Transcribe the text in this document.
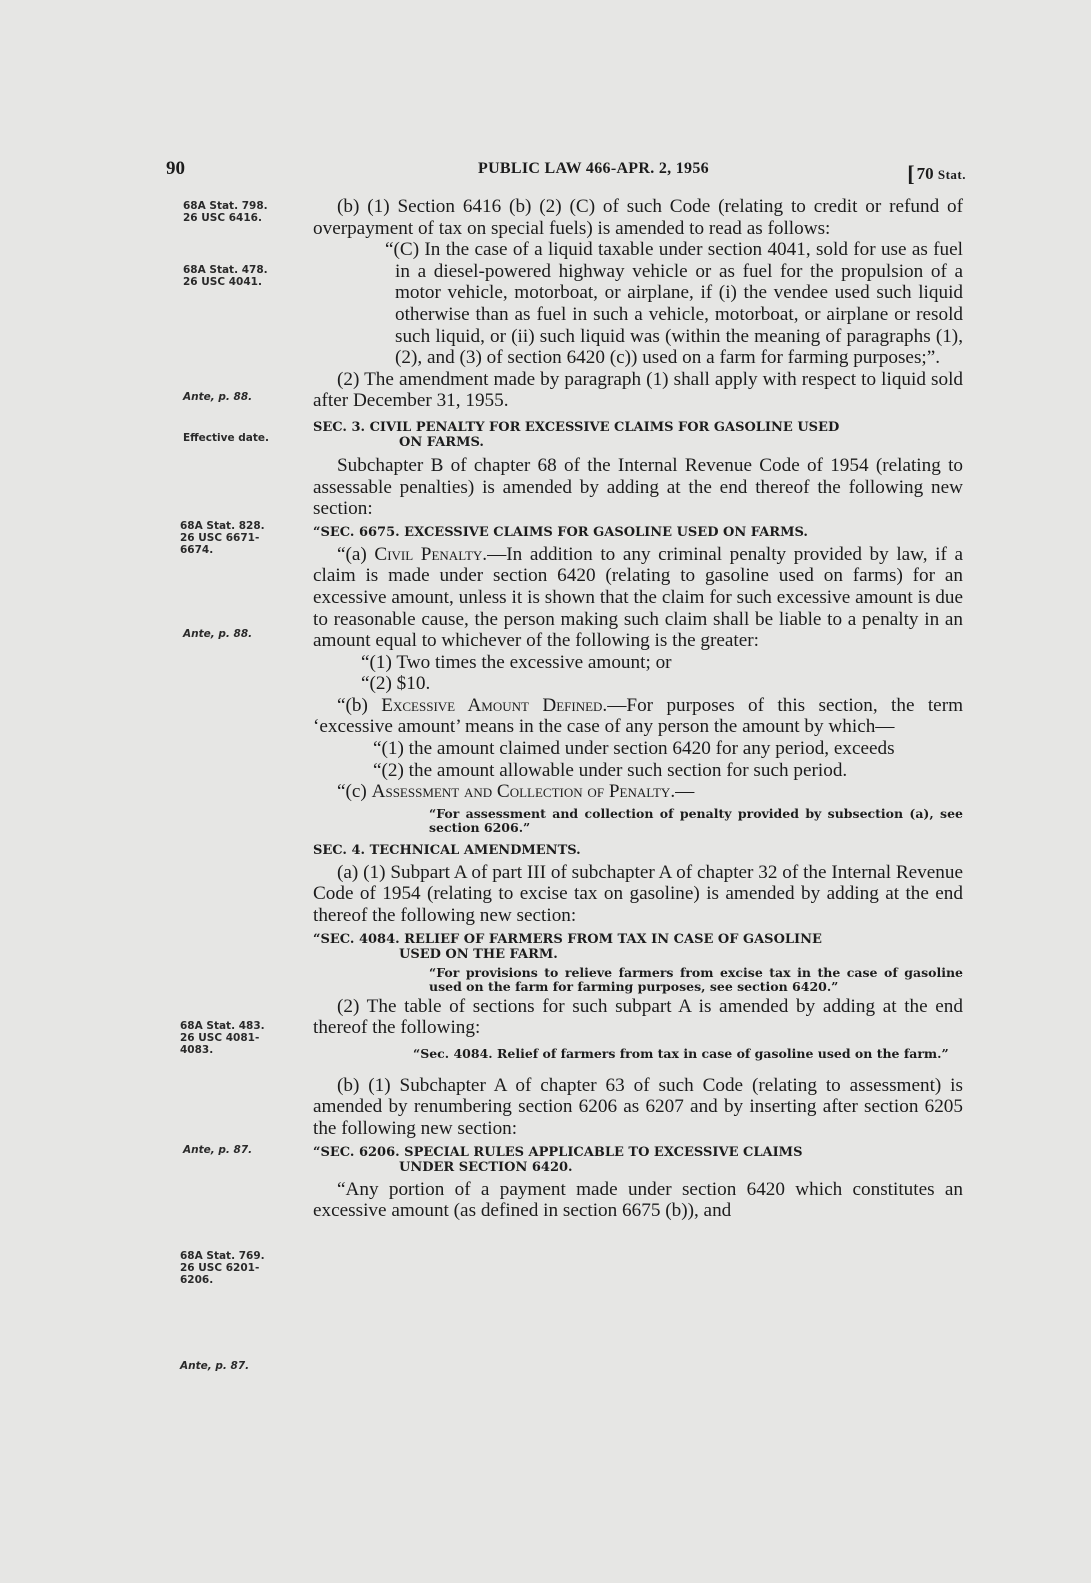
90	PUBLIC LAW 466-APR. 2, 1956	[ 70 Stat.
68A Stat. 798.
26 USC 6416.
68A Stat. 478.
26 USC 4041.
Ante, p. 88.
Effective date.
68A Stat. 828.
26 USC 6671-
6674.
Ante, p. 88.
68A Stat. 483.
26 USC 4081-
4083.
Ante, p. 87.
68A Stat. 769.
26 USC 6201-
6206.
Ante, p. 87.

(b) (1) Section 6416 (b) (2) (C) of such Code (relating to credit or refund of overpayment of tax on special fuels) is amended to read as follows:

“(C) In the case of a liquid taxable under section 4041, sold for use as fuel in a diesel-powered highway vehicle or as fuel for the propulsion of a motor vehicle, motorboat, or airplane, if (i) the vendee used such liquid otherwise than as fuel in such a vehicle, motorboat, or airplane or resold such liquid, or (ii) such liquid was (within the meaning of paragraphs (1), (2), and (3) of section 6420 (c)) used on a farm for farming purposes;”.

(2) The amendment made by paragraph (1) shall apply with respect to liquid sold after December 31, 1955.

SEC. 3. CIVIL PENALTY FOR EXCESSIVE CLAIMS FOR GASOLINE USED

ON FARMS.

Subchapter B of chapter 68 of the Internal Revenue Code of 1954 (relating to assessable penalties) is amended by adding at the end thereof the following new section:

“SEC. 6675. EXCESSIVE CLAIMS FOR GASOLINE USED ON FARMS.

“(a) Civil Penalty.—In addition to any criminal penalty provided by law, if a claim is made under section 6420 (relating to gasoline used on farms) for an excessive amount, unless it is shown that the claim for such excessive amount is due to reasonable cause, the person making such claim shall be liable to a penalty in an amount equal to whichever of the following is the greater:

“(1) Two times the excessive amount; or

“(2) $10.

“(b) Excessive Amount Defined.—For purposes of this section, the term ‘excessive amount’ means in the case of any person the amount by which—

“(1) the amount claimed under section 6420 for any period, exceeds

“(2) the amount allowable under such section for such period.

“(c) Assessment and Collection of Penalty.—

“For assessment and collection of penalty provided by subsection (a), see section 6206.”

SEC. 4. TECHNICAL AMENDMENTS.

(a) (1) Subpart A of part III of subchapter A of chapter 32 of the Internal Revenue Code of 1954 (relating to excise tax on gasoline) is amended by adding at the end thereof the following new section:

“SEC. 4084. RELIEF OF FARMERS FROM TAX IN CASE OF GASOLINE

USED ON THE FARM.

“For provisions to relieve farmers from excise tax in the case of gasoline used on the farm for farming purposes, see section 6420.”

(2) The table of sections for such subpart A is amended by adding at the end thereof the following:

“Sec. 4084. Relief of farmers from tax in case of gasoline used on the farm.”

(b) (1) Subchapter A of chapter 63 of such Code (relating to assessment) is amended by renumbering section 6206 as 6207 and by inserting after section 6205 the following new section:

“SEC. 6206. SPECIAL RULES APPLICABLE TO EXCESSIVE CLAIMS

UNDER SECTION 6420.

“Any portion of a payment made under section 6420 which constitutes an excessive amount (as defined in section 6675 (b)), and
